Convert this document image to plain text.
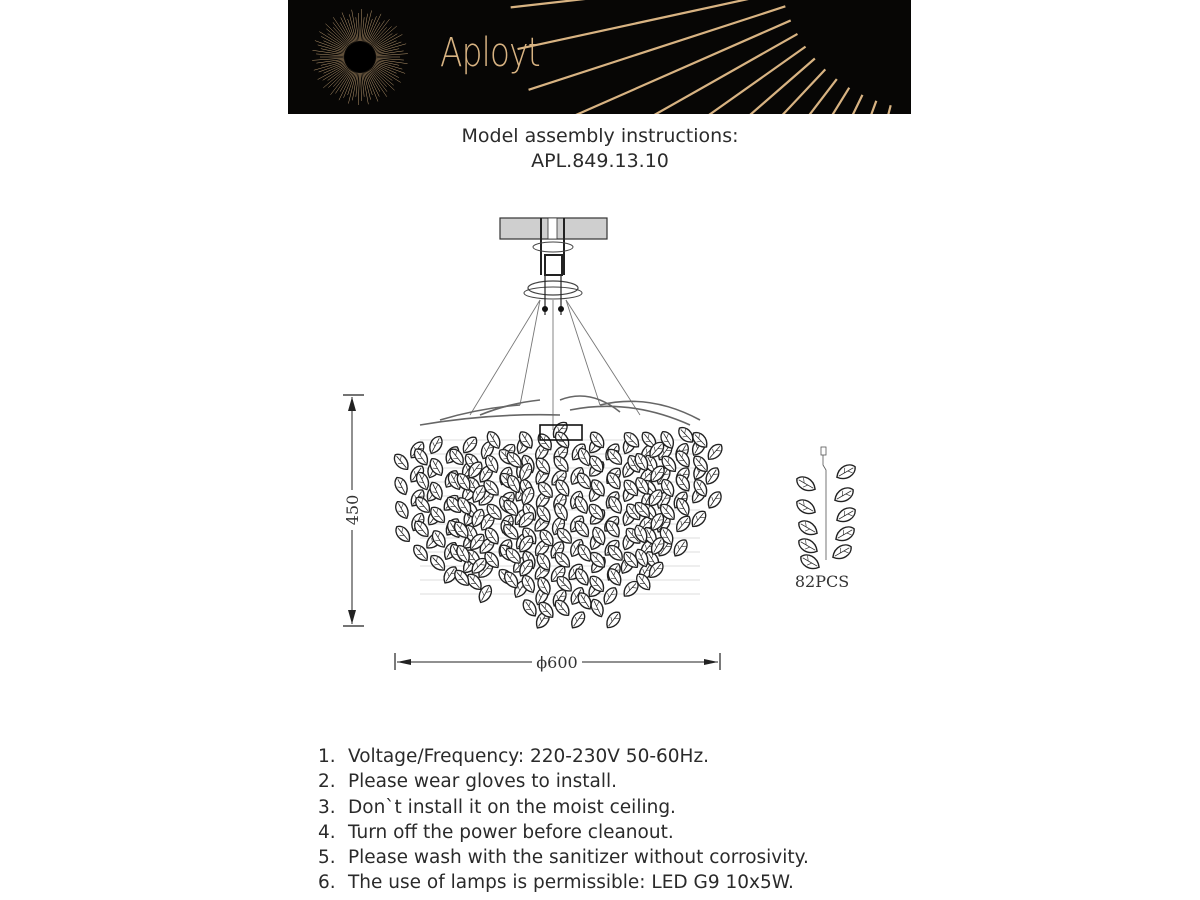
Aployt
Model assembly instructions:
APL.849.13.10
450
ϕ600
82PCS
1. Voltage/Frequency: 220-230V 50-60Hz.
2. Please wear gloves to install.
3. Don`t install it on the moist ceiling.
4. Turn off the power before cleanout.
5. Please wash with the sanitizer without corrosivity.
6. The use of lamps is permissible: LED G9 10x5W.
